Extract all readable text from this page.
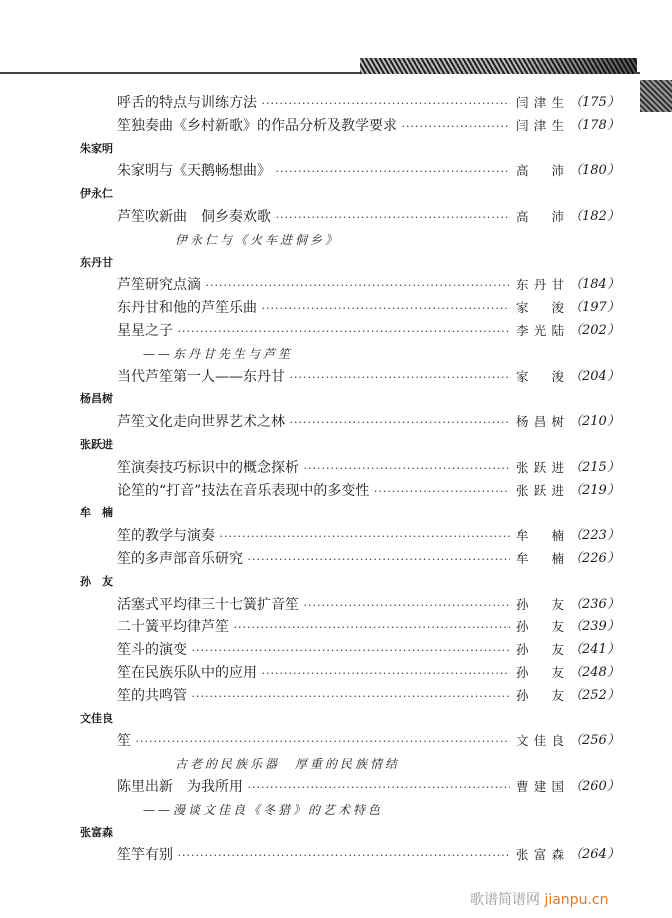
呼舌的特点与训练方法 ·····	闫津生 （175）
笙独奏曲《乡村新歌》的作品分析及教学要求 ·····	闫津生 （178）
朱家明
朱家明与《天鹅畅想曲》 ·····	高沛 （180）
伊永仁
芦笙吹新曲　侗乡奏欢歌 ·····	高沛 （182）
伊永仁与《火车进侗乡》
东丹甘
芦笙研究点滴 ·····	东丹甘 （184）
东丹甘和他的芦笙乐曲 ·····	家浚 （197）
星星之子 ·····	李光陆 （202）
——东丹甘先生与芦笙
当代芦笙第一人——东丹甘 ·····	家浚 （204）
杨昌树
芦笙文化走向世界艺术之林 ·····	杨昌树 （210）
张跃进
笙演奏技巧标识中的概念探析 ·····	张跃进 （215）
论笙的“打音”技法在音乐表现中的多变性 ·····	张跃进 （219）
牟　楠
笙的教学与演奏 ·····	牟楠 （223）
笙的多声部音乐研究 ·····	牟楠 （226）
孙　友
活塞式平均律三十七簧扩音笙 ·····	孙友 （236）
二十簧平均律芦笙 ·····	孙友 （239）
笙斗的演变 ·····	孙友 （241）
笙在民族乐队中的应用 ·····	孙友 （248）
笙的共鸣管 ·····	孙友 （252）
文佳良
笙 ·····	文佳良 （256）
古老的民族乐器　厚重的民族情结
陈里出新　为我所用 ·····	曹建国 （260）
——漫谈文佳良《冬猎》的艺术特色
张富森
笙竽有别 ·····	张富森 （264）
歌谱简谱网 jianpu.cn
